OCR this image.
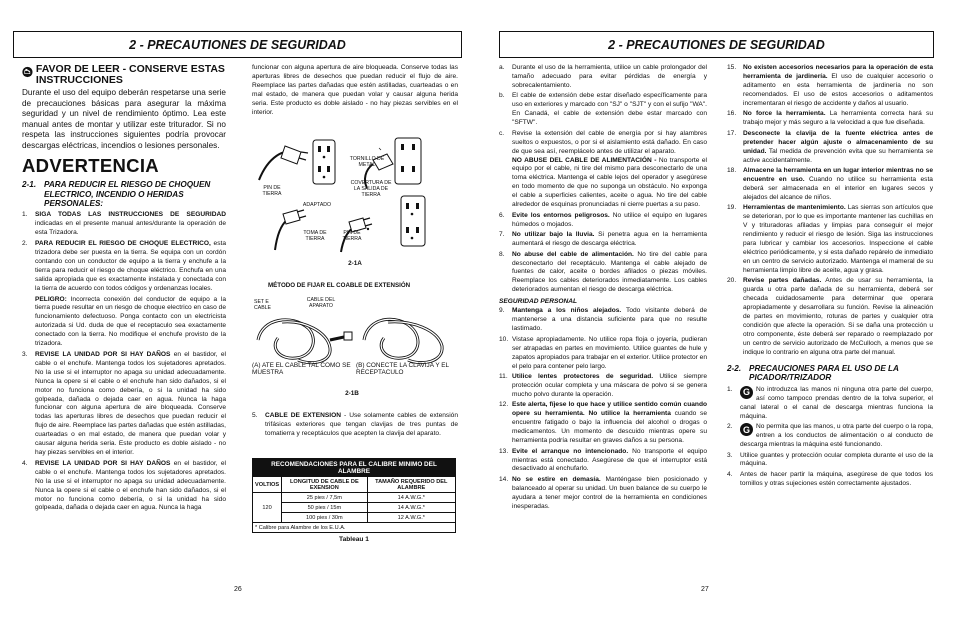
2 - PRECAUTIONES DE SEGURIDAD
FAVOR DE LEER - CONSERVE ESTAS INSTRUCCIONES
Durante el uso del equipo deberán respetarse una serie de precauciones básicas para asegurar la máxima seguridad y un nivel de rendimiento óptimo. Lea este manual antes de montar y utilizar este triturador. Si no respeta las instrucciones siguientes podría provocar descargas eléctricas, incendios o lesiones personales.
ADVERTENCIA
2-1. PARA REDUCIR EL RIESGO DE CHOQUEN ELECTRICO, INCENDIO O HERIDAS PERSONALES:
1.	SIGA TODAS LAS INSTRUCCIONES DE SEGURIDAD indicadas en el presente manual antes/durante la operación de esta Trizadora.
2.	PARA REDUCIR EL RIESGO DE CHOQUE ELECTRICO, esta trizadora debe ser puesta en la tierra. Se equipa con un cordón contando con un conductor de equipo a la tierra y enchufe a la tierra para reducir el riesgo de choque eléctrico. Enchufa en una salida apropiada que es exactamente instalada y conectada con la tierra de acuerdo con todos códigos y ordenanzas locales.
PELIGRO: Incorrecta conexión del conductor de equipo a la tierra puede resultar en un riesgo de choque electrico en caso de funcionamiento defectuoso. Ponga contacto con un electricista autorizada si Ud. duda de que el receptaculo sea exactamente conectado con la tierra. No modifique el enchufe provisto de la trizadora.
3.	REVISE LA UNIDAD POR SI HAY DAÑOS en el bastidor, el cable o el enchufe. Mantenga todos los sujetadores apretados. No la use si el interruptor no apaga su unidad adecuadamente. Nunca la opere si el cable o el enchufe han sido dañados, si el motor no funciona como debería, o si la unidad ha sido golpeada, dañada o dejada caer en agua. Nunca la haga funcionar con alguna apertura de aire bloqueada. Conserve todas las aperturas libres de desechos que puedan reducir el flujo de aire. Reemplace las partes dañadas que estén astilladas, cuarteadas o en mal estado, de manera que puedan volar y causar alguna herida seria. Este producto es doble aislado - no hay piezas servibles en el interior.
4.	REVISE LA UNIDAD POR SI HAY DAÑOS en el bastidor, el cable o el enchufe. Mantenga todos los sujetadores apretados. No la use si el interruptor no apaga su unidad adecuadamente. Nunca la opere si el cable o el enchufe han sido dañados, si el motor no funciona como debería, o si la unidad ha sido golpeada, dañada o dejada caer en agua. Nunca la haga

funcionar con alguna apertura de aire bloqueada. Conserve todas las aperturas libres de desechos que puedan reducir el flujo de aire. Reemplace las partes dañadas que estén astilladas, cuarteadas o en mal estado, de manera que puedan volar y causar alguna herida seria. Este producto es doble aislado - no hay piezas servibles en el interior.

PIN DE TIERRA
TORNILLO DE METAL
COVERTURA DE LA SALIDA DE TIERRA
ADAPTADO
TOMA DE TIERRA
PIN DE TIERRA
2-1A
MÉTODO DE FIJAR EL COABLE DE EXTENSIÓN
SET E CABLE
CABLE DEL APARATO
(A) ATE EL CABLE TAL COMO SE MUESTRA
(B) CONECTE LA CLAVIJA Y EL RECEPTACULO
2-1B
5.	CABLE DE EXTENSION - Use solamente cables de extensión trifásicas exteriores que tengan clavijas de tres puntas de tomatierra y receptáculos que acepten la clavija del aparato.
RECOMENDACIONES PARA EL CALIBRE MINIMO DEL ALAMBRE		
VOLTIOS	LONGITUD DE CABLE DE EXENSION	TAMAÑO REQUERIDO DEL ALAMBRE
120	25 pies / 7,5m	14 A.W.G.*
	50 pies / 15m	14 A.W.G.*
	100 pies / 30m	12 A.W.G.*
* Calibre para Alambre de los E.U.A.		
Tableau 1
26
2 - PRECAUTIONES DE SEGURIDAD
a.	Durante el uso de la herramienta, utilice un cable prolongador del tamaño adecuado para evitar pérdidas de energía y sobrecalentamiento.
b.	El cable de extensión debe estar diseñado específicamente para uso en exteriores y marcado con "SJ" o "SJT" y con el sufijo "WA". En Canadá, el cable de extensión debe estar marcado con "SFTW".
c.	Revise la extensión del cable de energía por si hay alambres sueltos o expuestos, o por si el aislamiento está dañado. En caso de que sea así, reemplácelo antes de utilizar el aparato.
NO ABUSE DEL CABLE DE ALIMENTACIÓN - No transporte el equipo por el cable, ni tire del mismo para desconectarlo de una toma eléctrica. Mantenga el cable lejos del operador y asegúrese en todo momento de que no suponga un obstáculo. No exponga el cable a superficies calientes, aceite o agua. No tire del cable alrededor de esquinas pronunciadas ni cierre puertas a su paso.
6.	Evite los entornos peligrosos. No utilice el equipo en lugares húmedos o mojados.
7.	No utilizar bajo la lluvia. Si penetra agua en la herramienta aumentará el riesgo de descarga eléctrica.
8.	No abuse del cable de alimentación. No tire del cable para desconectarlo del receptáculo. Mantenga el cable alejado de fuentes de calor, aceite o bordes afilados o piezas móviles. Reemplace los cables deteriorados inmediatamente. Los cables deteriorados aumentan el riesgo de descarga eléctrica.
SEGURIDAD PERSONAL
9.	Mantenga a los niños alejados. Todo visitante deberá de mantenerse a una distancia suficiente para que no resulte lastimado.
10. Vistase apropiadamente. No utilice ropa floja o joyería, pudieran ser atrapadas en partes en movimiento. Utilice guantes de hule y zapatos apropiados para trabajar en el exterior. Utilice protector en el pelo para contener pelo largo.
11. Utilice lentes protectores de seguridad. Utilice siempre protección ocular completa y una máscara de polvo si se genera mucho polvo durante la operación.
12. Este alerta, fíjese lo que hace y utilice sentido común cuando opere su herramienta. No utilice la herramienta cuando se encuentre fatigado o bajo la influencia del alcohol o drogas o medicamentos. Un momento de descuido mientras opere su herramienta podría resultar en graves daños a su persona.
13. Evite el arranque no intencionado. No transporte el equipo mientras está conectado. Asegúrese de que el interruptor está desactivado al enchufarlo.
14. No se estire en demasía. Manténgase bien posicionado y balanceado al operar su unidad. Un buen balance de su cuerpo le ayudara a tener mejor control de la herramienta en condiciones inesperadas.
15.	No existen accesorios necesarios para la operación de esta herramienta de jardinería. El uso de cualquier accesorio o aditamento en esta herramienta de jardinería no son recomendados. El uso de estos accesorios o aditamentos incrementaran el riesgo de accidente y daños al usuario.
16.	No force la herramienta. La herramienta correcta hará su trabajo mejor y más seguro a la velocidad a que fue diseñada.
17.	Desconecte la clavija de la fuente eléctrica antes de pretender hacer algún ajuste o almacenamiento de su unidad. Tal medida de prevención evita que su herramienta se active accidentalmente.
18.	Almacene la herramienta en un lugar interior mientras no se encuentre en uso. Cuando no utilice su herramienta esta deberá ser almacenada en el interior en lugares secos y alejados del alcance de niños.
19.	Herramientas de mantenimiento. Las sierras son artículos que se deterioran, por lo que es importante mantener las cuchillas en V y trituradoras afiladas y limpias para conseguir el mejor rendimiento y reducir el riesgo de lesión. Siga las instrucciones para lubricar y cambiar los accesorios. Inspeccione el cable eléctrico periódicamente, y si esta dañado repárelo de inmediato en un centro de servicio autorizado. Mantenga el mameral de su herramienta limpio libre de aceite, agua y grasa.
20.	Revise partes dañadas. Antes de usar su herramienta, la guarda u otra parte dañada de su herramienta, deberá ser checada cuidadosamente para determinar que operara apropiadamente y desarrollara su función. Revise la alineación de partes en movimiento, roturas de partes y cualquier otra condición que afecte la operación. Si se daña una protección u otro componente, éste deberá ser reparado o reemplazado por un centro de servicio autorizado de McCulloch, a menos que se indique lo contrario en alguna otra parte del manual.
2-2. PRECAUCIONES PARA EL USO DE LA PICADOR/TRIZADOR
1.	G No introduzca las manos ni ninguna otra parte del cuerpo, así como tampoco prendas dentro de la tolva superior, el canal lateral o el canal de descarga mientras funciona la máquina.
2.	G No permita que las manos, u otra parte del cuerpo o la ropa, entren a los conductos de alimentación o al conducto de descarga mientras la máquina esté funcionando.
3.	Utilice guantes y protección ocular completa durante el uso de la máquina.
4.	Antes de hacer partir la máquina, asegúrese de que todos los tornillos y otras sujeciones estén correctamente ajustados.
27
